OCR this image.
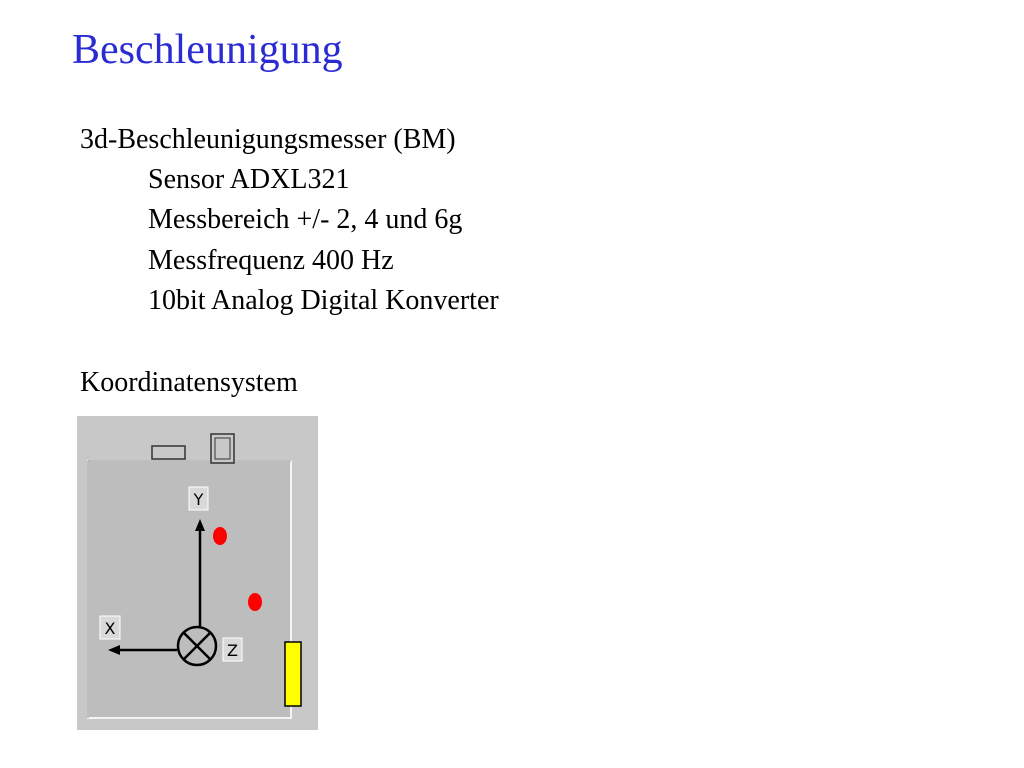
Beschleunigung
3d-Beschleunigungsmesser (BM)
Sensor ADXL321
Messbereich +/- 2, 4 und 6g
Messfrequenz 400 Hz
10bit Analog Digital Konverter
Koordinatensystem
Y
X
Z
